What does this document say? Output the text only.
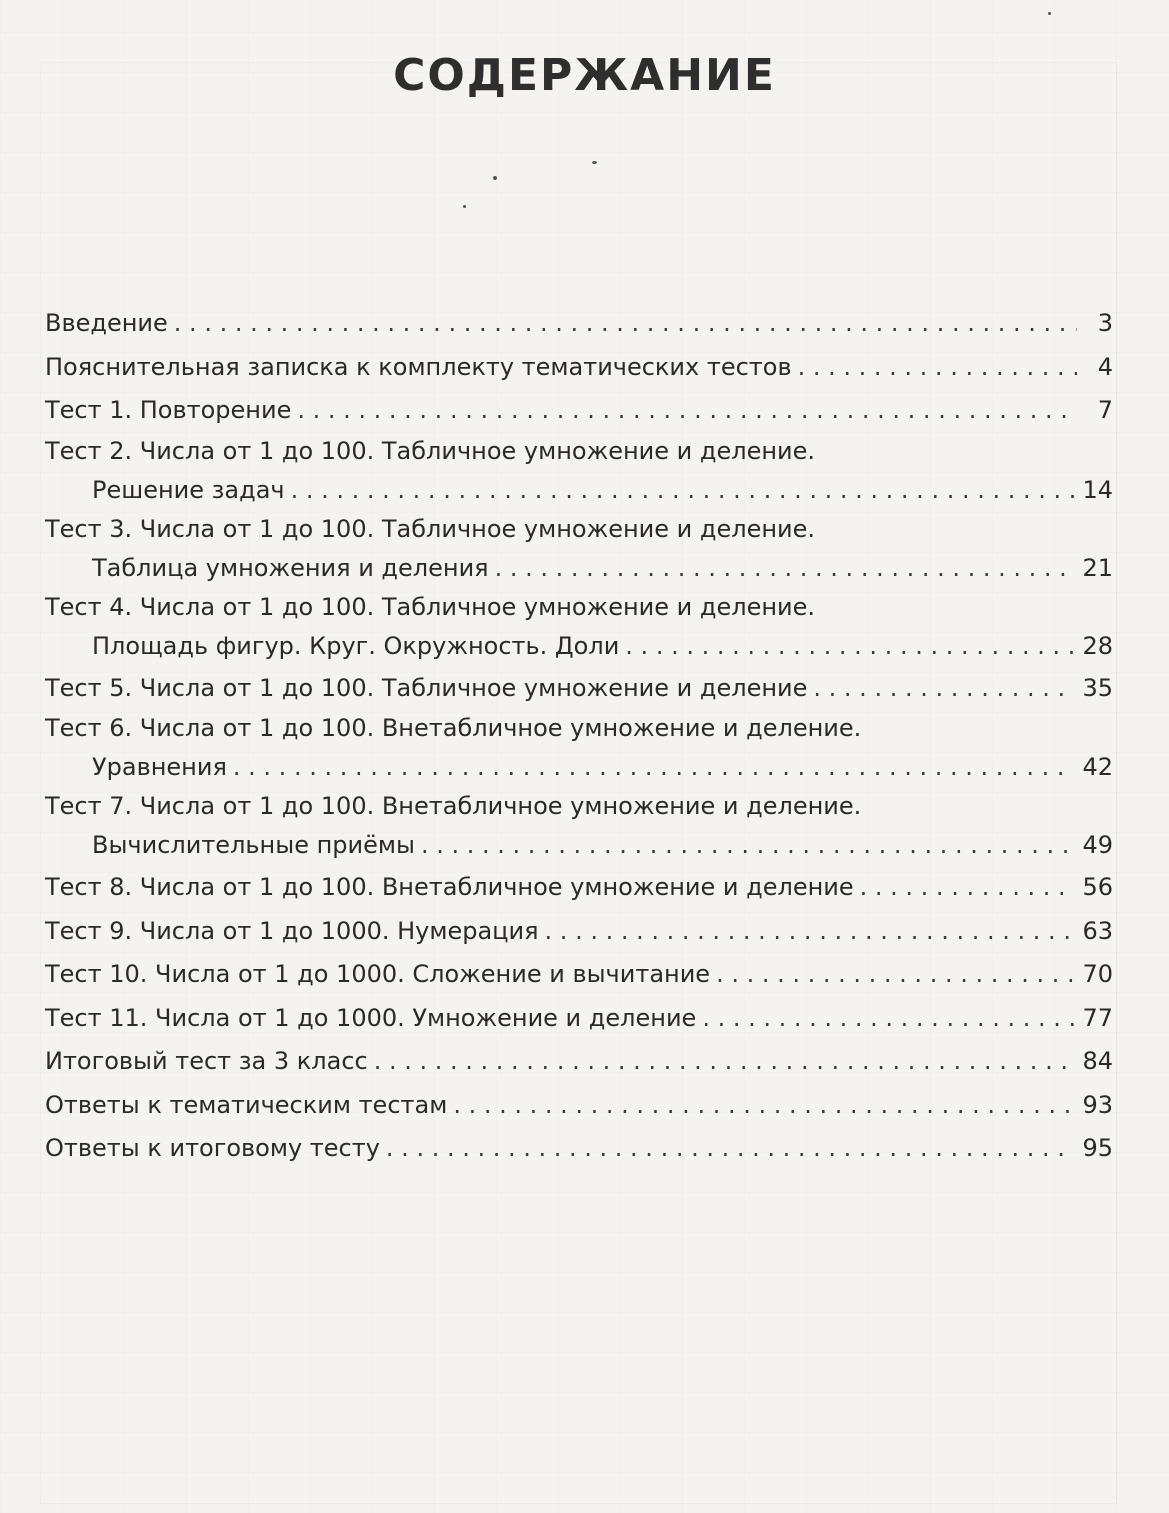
СОДЕРЖАНИЕ
Введение . . .	3
Пояснительная записка к комплекту тематических тестов . . .	4
Тест 1. Повторение . . .	7
Тест 2. Числа от 1 до 100. Табличное умножение и деление.
Решение задач . . .	14
Тест 3. Числа от 1 до 100. Табличное умножение и деление.
Таблица умножения и деления . . .	21
Тест 4. Числа от 1 до 100. Табличное умножение и деление.
Площадь фигур. Круг. Окружность. Доли . . .	28
Тест 5. Числа от 1 до 100. Табличное умножение и деление . . .	35
Тест 6. Числа от 1 до 100. Внетабличное умножение и деление.
Уравнения . . .	42
Тест 7. Числа от 1 до 100. Внетабличное умножение и деление.
Вычислительные приёмы . . .	49
Тест 8. Числа от 1 до 100. Внетабличное умножение и деление . . .	56
Тест 9. Числа от 1 до 1000. Нумерация . . .	63
Тест 10. Числа от 1 до 1000. Сложение и вычитание . . .	70
Тест 11. Числа от 1 до 1000. Умножение и деление . . .	77
Итоговый тест за 3 класс . . .	84
Ответы к тематическим тестам . . .	93
Ответы к итоговому тесту . . .	95
